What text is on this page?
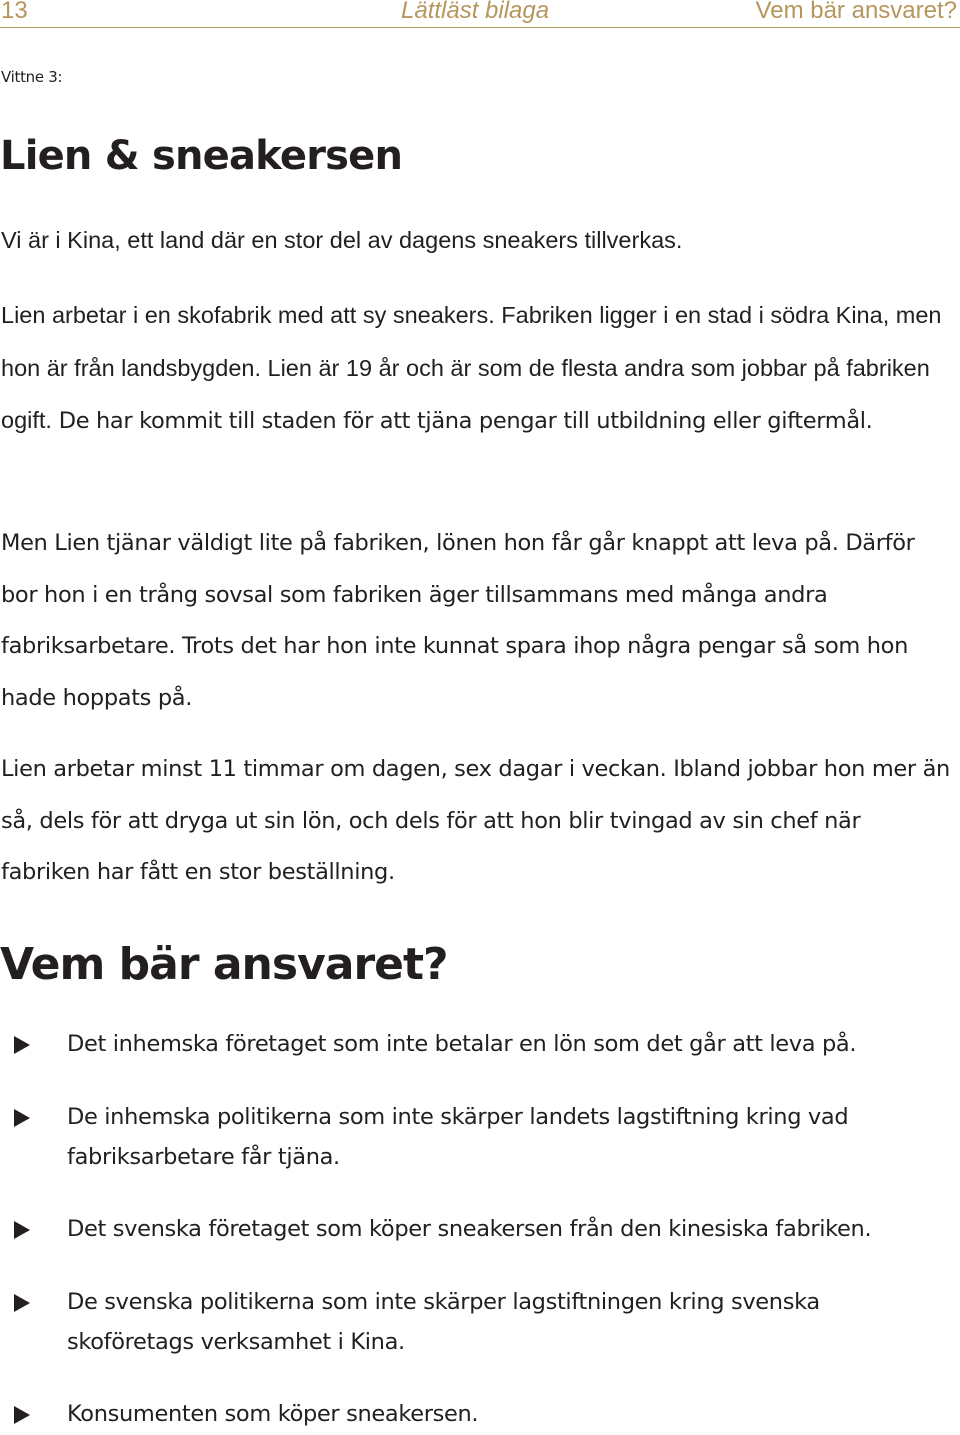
13	Lättläst bilaga	Vem bär ansvaret?
Vittne 3:
Lien & sneakersen

Vi är i Kina, ett land där en stor del av dagens sneakers tillverkas.

Lien arbetar i en skofabrik med att sy sneakers. Fabriken ligger i en stad i södra Kina, men hon är från landsbygden. Lien är 19 år och är som de flesta andra som jobbar på fabriken ogift. De har kommit till staden för att tjäna pengar till utbildning eller giftermål.

Men Lien tjänar väldigt lite på fabriken, lönen hon får går knappt att leva på. Därför bor hon i en trång sovsal som fabriken äger tillsammans med många andra fabriksarbetare. Trots det har hon inte kunnat spara ihop några pengar så som hon hade hoppats på.

Lien arbetar minst 11 timmar om dagen, sex dagar i veckan. Ibland jobbar hon mer än så, dels för att dryga ut sin lön, och dels för att hon blir tvingad av sin chef när fabriken har fått en stor beställning.

Vem bär ansvaret?
Det inhemska företaget som inte betalar en lön som det går att leva på.
De inhemska politikerna som inte skärper landets lagstiftning kring vad fabriksarbetare får tjäna.
Det svenska företaget som köper sneakersen från den kinesiska fabriken.
De svenska politikerna som inte skärper lagstiftningen kring svenska skoföretags verksamhet i Kina.
Konsumenten som köper sneakersen.
